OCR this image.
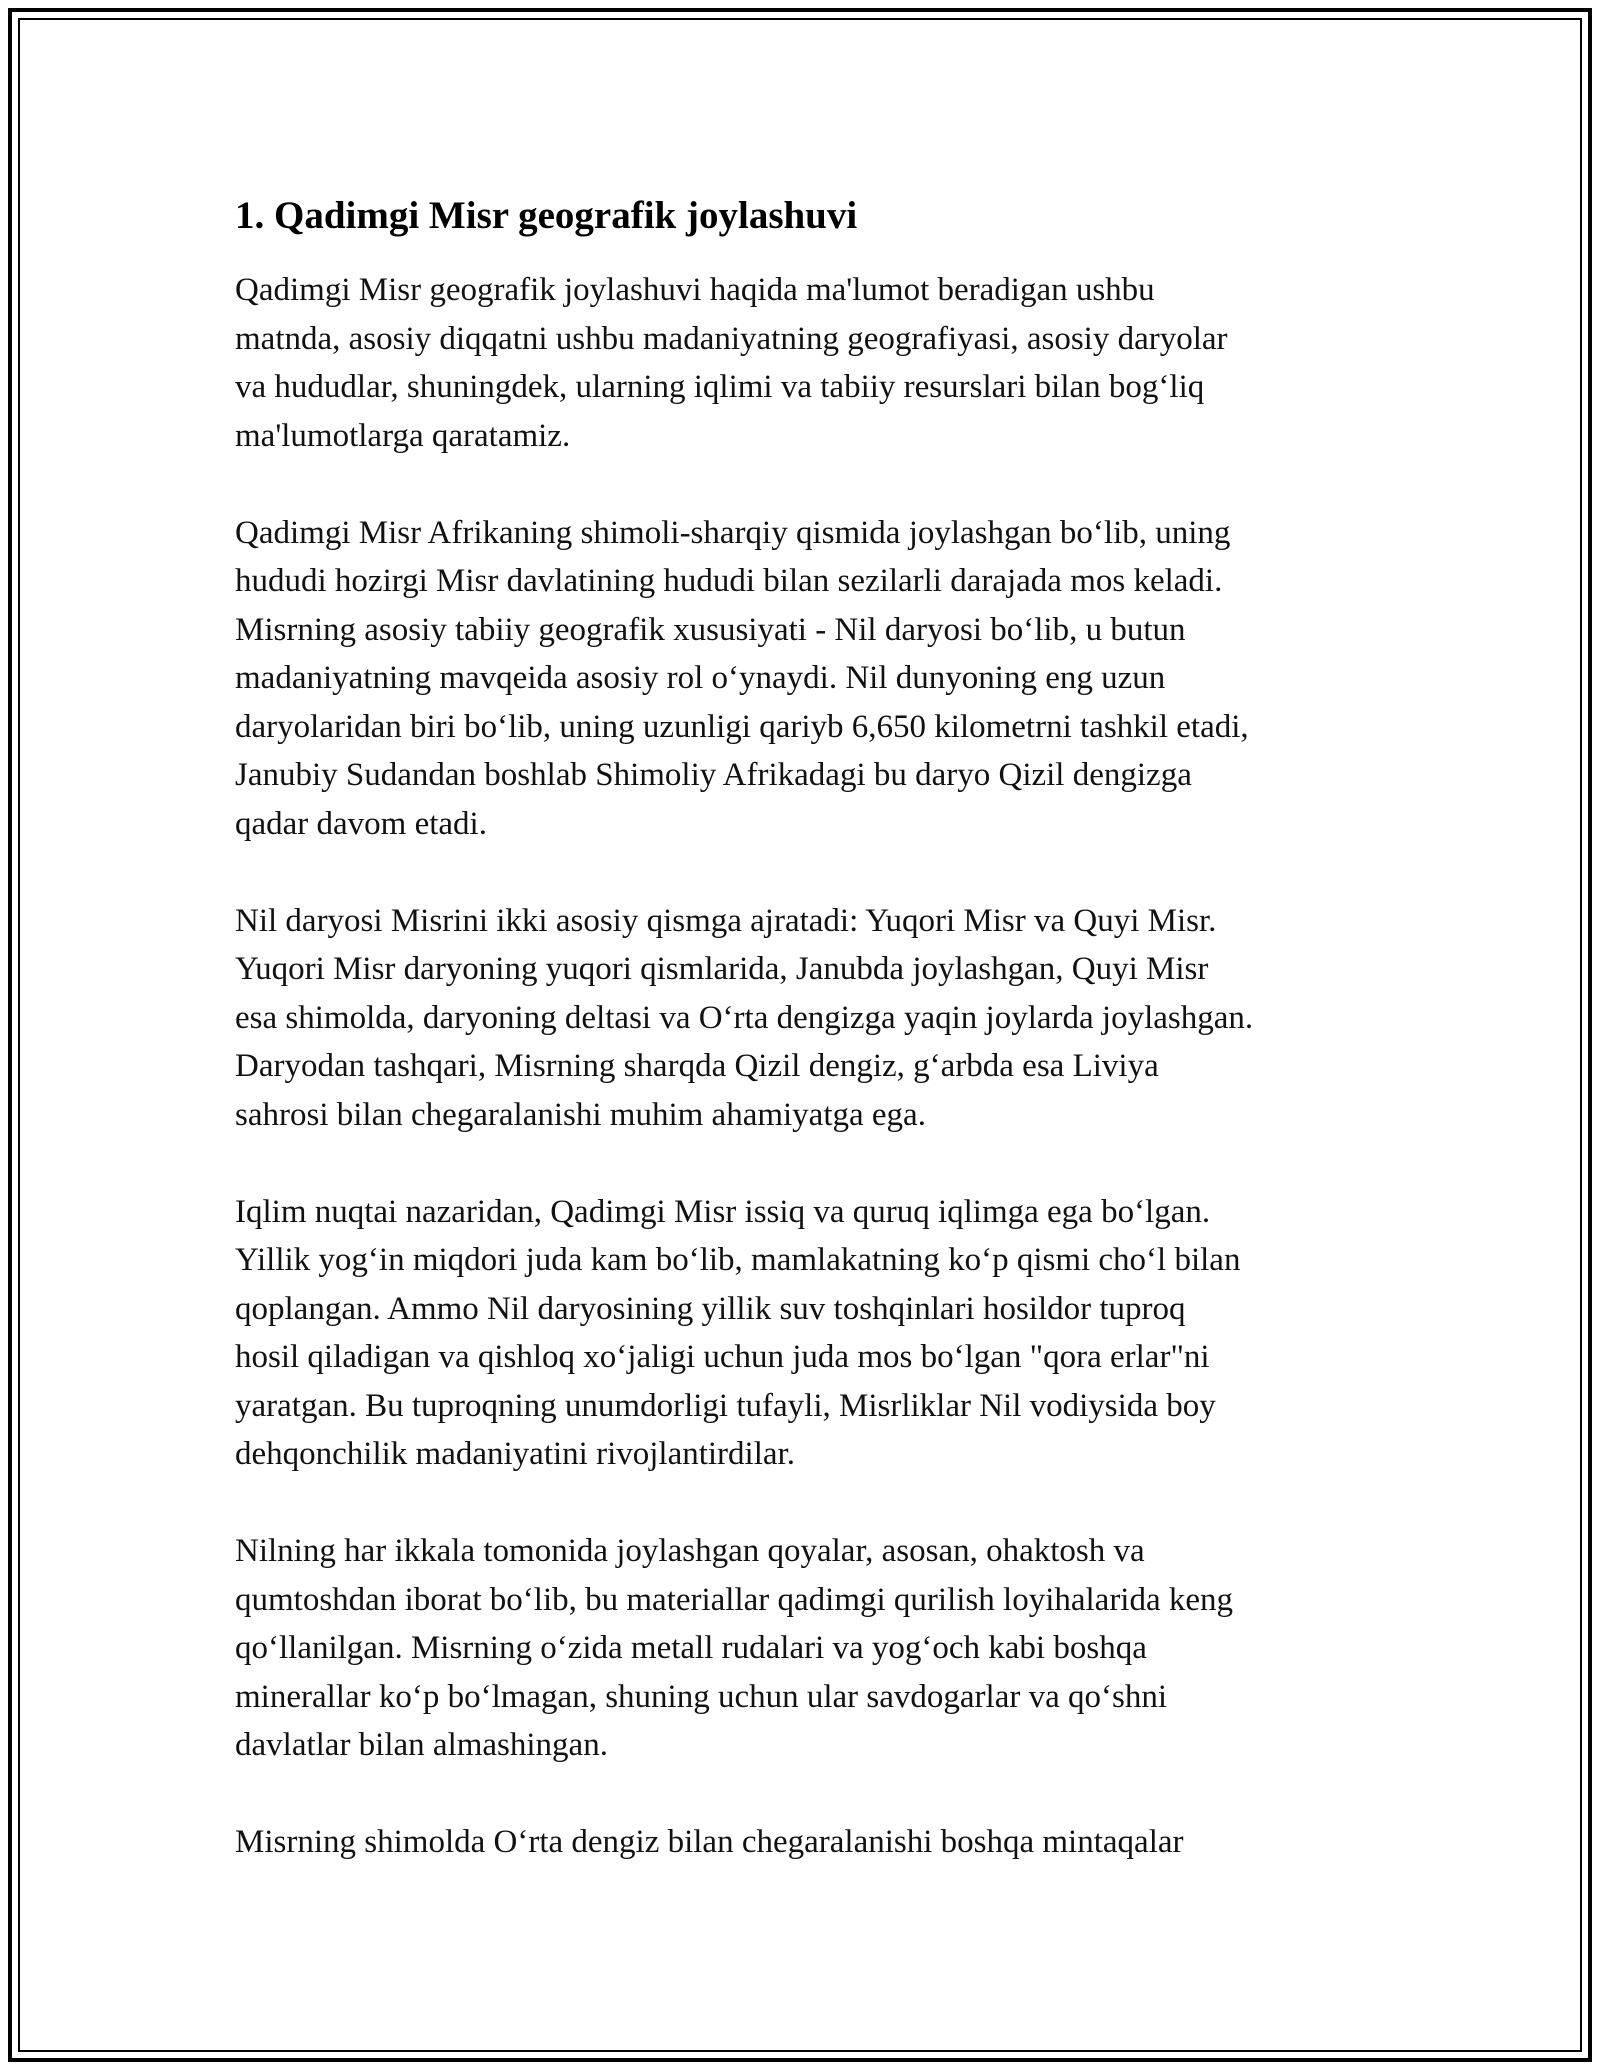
1. Qadimgi Misr geografik joylashuvi

Qadimgi Misr geografik joylashuvi haqida ma'lumot beradigan ushbu
matnda, asosiy diqqatni ushbu madaniyatning geografiyasi, asosiy daryolar
va hududlar, shuningdek, ularning iqlimi va tabiiy resurslari bilan bog‘liq
ma'lumotlarga qaratamiz.

Qadimgi Misr Afrikaning shimoli-sharqiy qismida joylashgan bo‘lib, uning
hududi hozirgi Misr davlatining hududi bilan sezilarli darajada mos keladi.
Misrning asosiy tabiiy geografik xususiyati - Nil daryosi bo‘lib, u butun
madaniyatning mavqeida asosiy rol o‘ynaydi. Nil dunyoning eng uzun
daryolaridan biri bo‘lib, uning uzunligi qariyb 6,650 kilometrni tashkil etadi,
Janubiy Sudandan boshlab Shimoliy Afrikadagi bu daryo Qizil dengizga
qadar davom etadi.

Nil daryosi Misrini ikki asosiy qismga ajratadi: Yuqori Misr va Quyi Misr.
Yuqori Misr daryoning yuqori qismlarida, Janubda joylashgan, Quyi Misr
esa shimolda, daryoning deltasi va O‘rta dengizga yaqin joylarda joylashgan.
Daryodan tashqari, Misrning sharqda Qizil dengiz, g‘arbda esa Liviya
sahrosi bilan chegaralanishi muhim ahamiyatga ega.

Iqlim nuqtai nazaridan, Qadimgi Misr issiq va quruq iqlimga ega bo‘lgan.
Yillik yog‘in miqdori juda kam bo‘lib, mamlakatning ko‘p qismi cho‘l bilan
qoplangan. Ammo Nil daryosining yillik suv toshqinlari hosildor tuproq
hosil qiladigan va qishloq xo‘jaligi uchun juda mos bo‘lgan "qora erlar"ni
yaratgan. Bu tuproqning unumdorligi tufayli, Misrliklar Nil vodiysida boy
dehqonchilik madaniyatini rivojlantirdilar.

Nilning har ikkala tomonida joylashgan qoyalar, asosan, ohaktosh va
qumtoshdan iborat bo‘lib, bu materiallar qadimgi qurilish loyihalarida keng
qo‘llanilgan. Misrning o‘zida metall rudalari va yog‘och kabi boshqa
minerallar ko‘p bo‘lmagan, shuning uchun ular savdogarlar va qo‘shni
davlatlar bilan almashingan.

Misrning shimolda O‘rta dengiz bilan chegaralanishi boshqa mintaqalar
